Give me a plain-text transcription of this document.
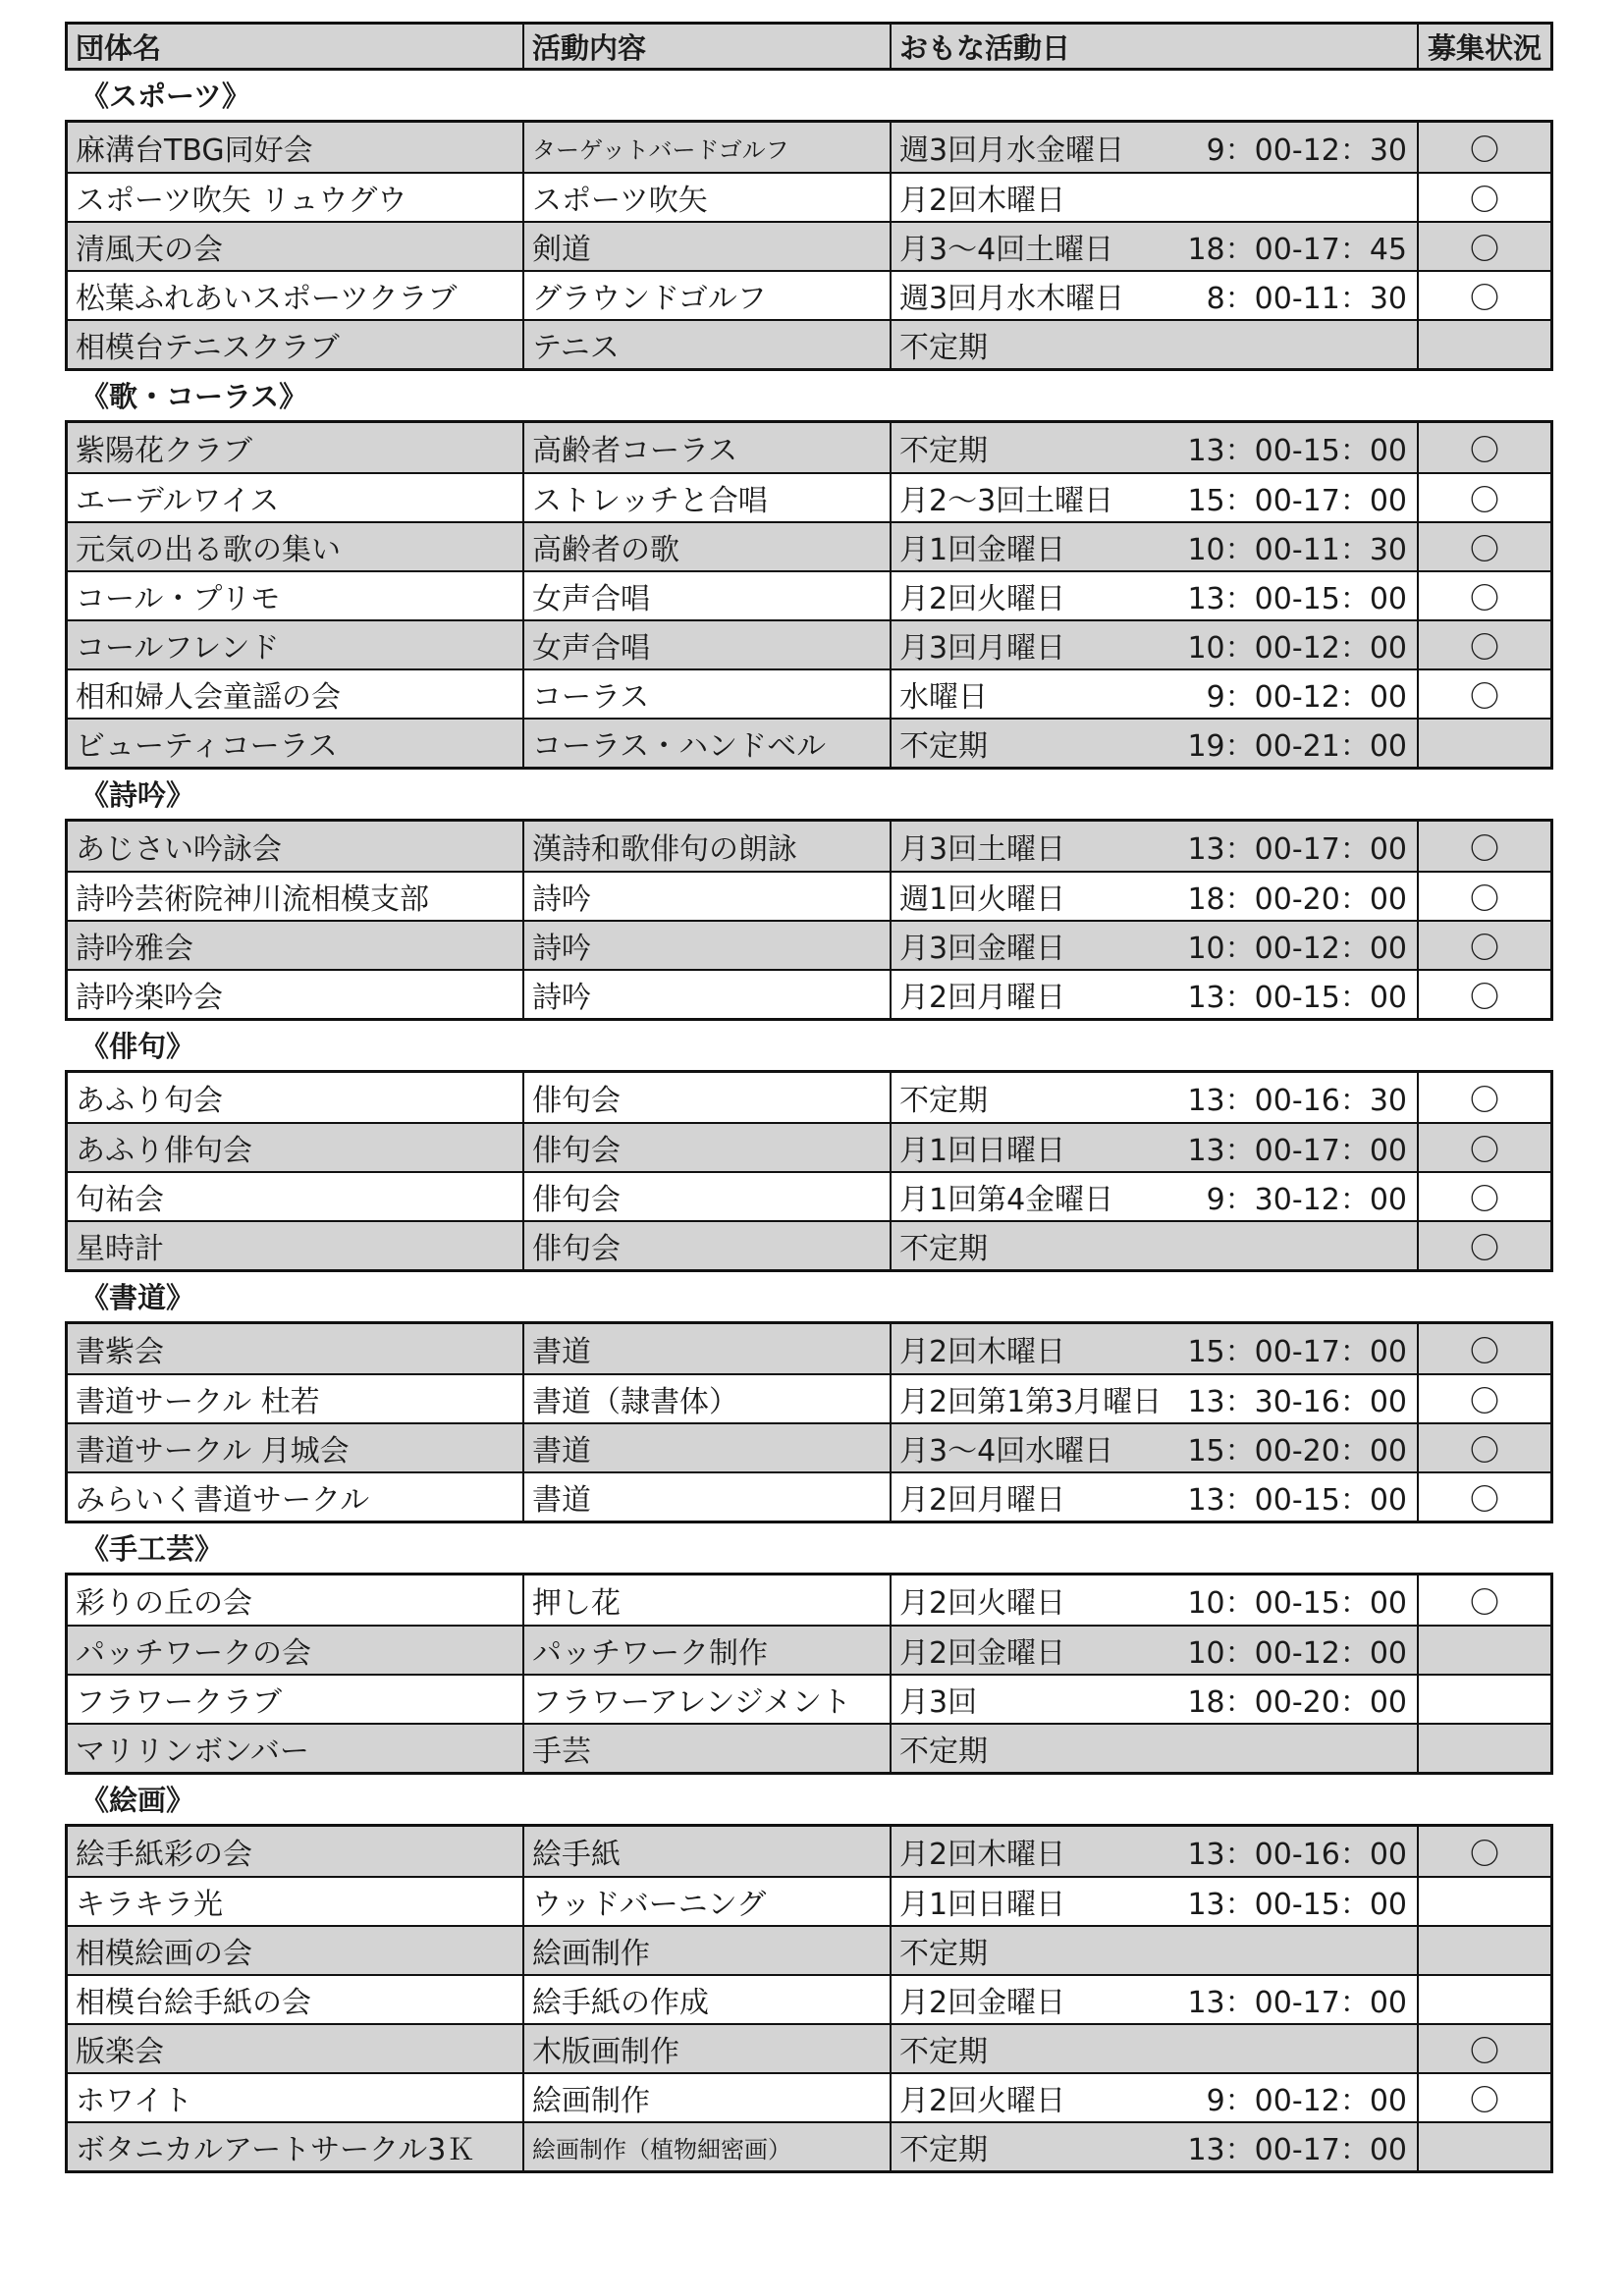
団体名	活動内容	おもな活動日	募集状況
《スポーツ》
麻溝台TBG同好会	ターゲットバードゴルフ	週3回月水金曜日	9：00-12：30	〇
スポーツ吹矢 リュウグウ	スポーツ吹矢	月2回木曜日	〇
清風天の会	剣道	月3～4回土曜日	18：00-17：45	〇
松葉ふれあいスポーツクラブ	グラウンドゴルフ	週3回月水木曜日	8：00-11：30	〇
相模台テニスクラブ	テニス	不定期
《歌・コーラス》
紫陽花クラブ	高齢者コーラス	不定期	13：00-15：00	〇
エーデルワイス	ストレッチと合唱	月2～3回土曜日	15：00-17：00	〇
元気の出る歌の集い	高齢者の歌	月1回金曜日	10：00-11：30	〇
コール・プリモ	女声合唱	月2回火曜日	13：00-15：00	〇
コールフレンド	女声合唱	月3回月曜日	10：00-12：00	〇
相和婦人会童謡の会	コーラス	水曜日	9：00-12：00	〇
ビューティコーラス	コーラス・ハンドベル	不定期	19：00-21：00
《詩吟》
あじさい吟詠会	漢詩和歌俳句の朗詠	月3回土曜日	13：00-17：00	〇
詩吟芸術院神川流相模支部	詩吟	週1回火曜日	18：00-20：00	〇
詩吟雅会	詩吟	月3回金曜日	10：00-12：00	〇
詩吟楽吟会	詩吟	月2回月曜日	13：00-15：00	〇
《俳句》
あふり句会	俳句会	不定期	13：00-16：30	〇
あふり俳句会	俳句会	月1回日曜日	13：00-17：00	〇
句祐会	俳句会	月1回第4金曜日	9：30-12：00	〇
星時計	俳句会	不定期	〇
《書道》
書紫会	書道	月2回木曜日	15：00-17：00	〇
書道サークル 杜若	書道（隷書体）	月2回第1第3月曜日 13：30-16：00	〇
書道サークル 月城会	書道	月3～4回水曜日	15：00-20：00	〇
みらいく書道サークル	書道	月2回月曜日	13：00-15：00	〇
《手工芸》
彩りの丘の会	押し花	月2回火曜日	10：00-15：00	〇
パッチワークの会	パッチワーク制作	月2回金曜日	10：00-12：00
フラワークラブ	フラワーアレンジメント	月3回	18：00-20：00
マリリンボンバー	手芸	不定期
《絵画》
絵手紙彩の会	絵手紙	月2回木曜日	13：00-16：00	〇
キラキラ光	ウッドバーニング	月1回日曜日	13：00-15：00
相模絵画の会	絵画制作	不定期
相模台絵手紙の会	絵手紙の作成	月2回金曜日	13：00-17：00
版楽会	木版画制作	不定期	〇
ホワイト	絵画制作	月2回火曜日	9：00-12：00	〇
ボタニカルアートサークル3Ｋ	絵画制作（植物細密画）	不定期	13：00-17：00
